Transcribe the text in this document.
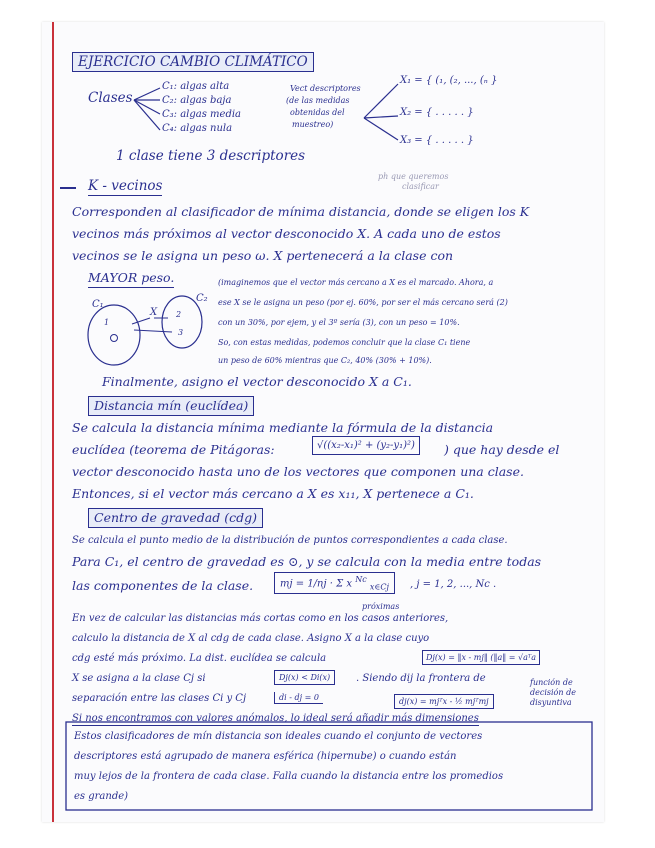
EJERCICIO CAMBIO CLIMÁTICO
Clases
C₁: algas alta
C₂: algas baja
C₃: algas media
C₄: algas nula
Vect descriptores
(de las medidas
obtenidas del
muestreo)
X₁ = { (₁, (₂, ..., (ₙ }
X₂ = { . . . . . }
X₃ = { . . . . . }
1 clase tiene 3 descriptores
K - vecinos
ph que queremos
clasificar
Corresponden al clasificador de mínima distancia, donde se eligen los K
vecinos más próximos al vector desconocido X. A cada uno de estos
vecinos se le asigna un peso ω. X pertenecerá a la clase con
MAYOR peso.
C₁
C₂
X
1
2
3
(imaginemos que el vector más cercano a X es el marcado. Ahora, a
ese X se le asigna un peso (por ej. 60%, por ser el más cercano será (2)
con un 30%, por ejem, y el 3º sería (3), con un peso = 10%.
So, con estas medidas, podemos concluir que la clase C₁ tiene
un peso de 60% mientras que C₂, 40% (30% + 10%).
Finalmente, asigno el vector desconocido X a C₁.
Distancia mín (euclídea)
Se calcula la distancia mínima mediante la fórmula de la distancia
euclídea (teorema de Pitágoras:	√((x₂-x₁)² + (y₂-y₁)²)	) que hay desde el
vector desconocido hasta uno de los vectores que componen una clase.
Entonces, si el vector más cercano a X es x₁₁, X pertenece a C₁.
Centro de gravedad (cdg)
Se calcula el punto medio de la distribución de puntos correspondientes a cada clase.
Para C₁, el centro de gravedad es ⊙, y se calcula con la media entre todas
las componentes de la clase.	mj = 1/nj · Σ x $^{Nc}$ $_{x\in Cj}$	, j = 1, 2, ..., Nc .
próximas
En vez de calcular las distancias más cortas como en los casos anteriores,
calculo la distancia de X al cdg de cada clase. Asigno X a la clase cuyo
cdg esté más próximo. La dist. euclídea se calcula	Dj(x) = ‖x - mj‖ (‖a‖ = √aᵀa
X se asigna a la clase Cj si	Dj(x) < Di(x)	. Siendo dij la frontera de
separación entre las clases Ci y Cj	di - dj = 0	dj(x) = mjᵀx - ½ mjᵀmj
función de
decisión de
disyuntiva
Si nos encontramos con valores anómalos, lo ideal será añadir más dimensiones
Estos clasificadores de mín distancia son ideales cuando el conjunto de vectores
descriptores está agrupado de manera esférica (hipernube) o cuando están
muy lejos de la frontera de cada clase. Falla cuando la distancia entre los promedios
es grande)
